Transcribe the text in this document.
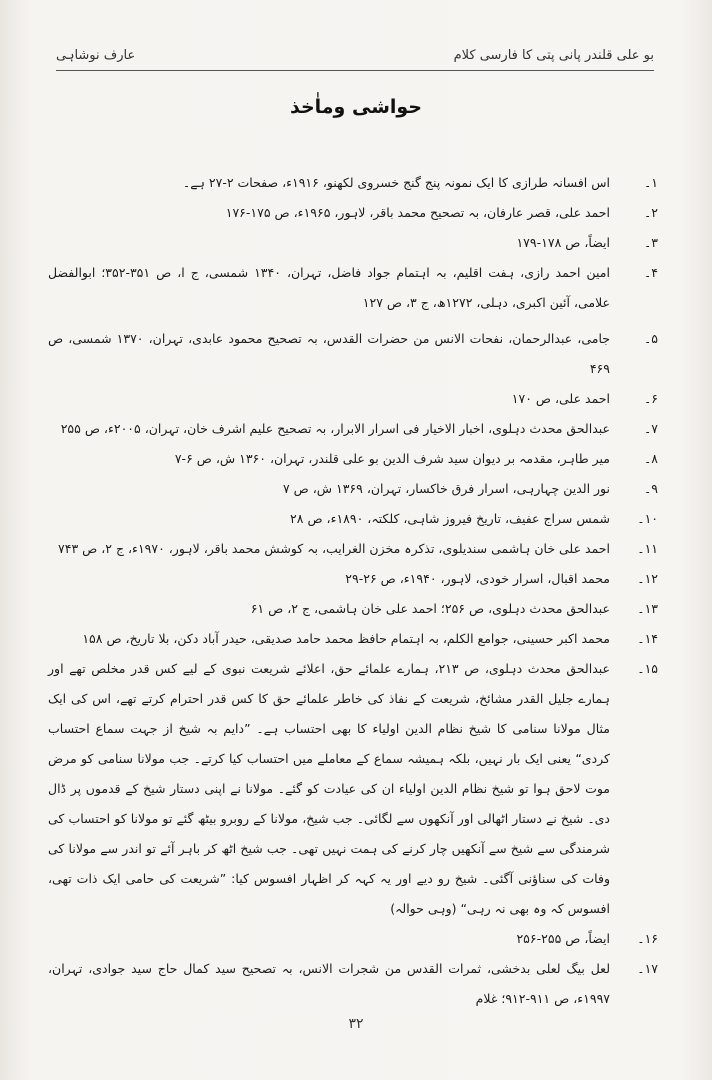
بو علی قلندر پانی پتی کا فارسی کلام
عارف نوشاہی
حواشی وماٰخذ
۱۔
اس افسانہ طرازی کا ایک نمونہ پنج گنج خسروی لکھنو، ۱۹۱۶ء، صفحات ۲-۲۷ ہے۔
۲۔
احمد علی، قصر عارفان، بہ تصحیح محمد باقر، لاہور، ۱۹۶۵ء، ص ۱۷۵-۱۷۶
۳۔
ایضاً، ص ۱۷۸-۱۷۹
۴۔
امین احمد رازی، ہفت اقلیم، بہ اہتمام جواد فاضل، تہران، ۱۳۴۰ شمسی، ج ا، ص ۳۵۱-۳۵۲؛ ابوالفضل علامی، آئین اکبری، دہلی، ۱۲۷۲ھ، ج ۳، ص ۱۲۷
۵۔
جامی، عبدالرحمان، نفحات الانس من حضرات القدس، بہ تصحیح محمود عابدی، تہران، ۱۳۷۰ شمسی، ص ۴۶۹
۶۔
احمد علی، ص ۱۷۰
۷۔
عبدالحق محدث دہلوی، اخبار الاخیار فی اسرار الابرار، بہ تصحیح علیم اشرف خان، تہران، ۲۰۰۵ء، ص ۲۵۵
۸۔
میر طاہر، مقدمہ بر دیوان سید شرف الدین بو علی قلندر، تہران، ۱۳۶۰ ش، ص ۶-۷
۹۔
نور الدین چہارہی، اسرار فرق خاکسار، تہران، ۱۳۶۹ ش، ص ۷
۱۰۔
شمس سراج عفیف، تاریخ فیروز شاہی، کلکتہ، ۱۸۹۰ء، ص ۲۸
۱۱۔
احمد علی خان ہاشمی سندیلوی، تذکرہ مخزن الغرایب، بہ کوشش محمد باقر، لاہور، ۱۹۷۰ء، ج ۲، ص ۷۴۳
۱۲۔
محمد اقبال، اسرار خودی، لاہور، ۱۹۴۰ء، ص ۲۶-۲۹
۱۳۔
عبدالحق محدث دہلوی، ص ۲۵۶؛ احمد علی خان ہاشمی، ج ۲، ص ۶۱
۱۴۔
محمد اکبر حسینی، جوامع الکلم، بہ اہتمام حافظ محمد حامد صدیقی، حیدر آباد دکن، بلا تاریخ، ص ۱۵۸
۱۵۔
عبدالحق محدث دہلوی، ص ۲۱۳، ہمارے علمائے حق، اعلائے شریعت نبوی کے لیے کس قدر مخلص تھے اور ہمارے جلیل القدر مشائخ، شریعت کے نفاذ کی خاطر علمائے حق کا کس قدر احترام کرتے تھے، اس کی ایک مثال مولانا سنامی کا شیخ نظام الدین اولیاء کا بھی احتساب ہے۔ ”دایم بہ شیخ از جہت سماع احتساب کردی“ یعنی ایک بار نہیں، بلکہ ہمیشہ سماع کے معاملے میں احتساب کیا کرتے۔ جب مولانا سنامی کو مرض موت لاحق ہوا تو شیخ نظام الدین اولیاء ان کی عیادت کو گئے۔ مولانا نے اپنی دستار شیخ کے قدموں پر ڈال دی۔ شیخ نے دستار اٹھالی اور آنکھوں سے لگائی۔ جب شیخ، مولانا کے روبرو بیٹھ گئے تو مولانا کو احتساب کی شرمندگی سے شیخ سے آنکھیں چار کرنے کی ہمت نہیں تھی۔ جب شیخ اٹھ کر باہر آئے تو اندر سے مولانا کی وفات کی سناؤنی آگئی۔ شیخ رو دیے اور یہ کہہ کر اظہار افسوس کیا: ”شریعت کی حامی ایک ذات تھی، افسوس کہ وہ بھی نہ رہی“ (وہی حوالہ)
۱۶۔
ایضاً، ص ۲۵۵-۲۵۶
۱۷۔
لعل بیگ لعلی بدخشی، ثمرات القدس من شجرات الانس، بہ تصحیح سید کمال حاج سید جوادی، تہران، ۱۹۹۷ء، ص ۹۱۱-۹۱۲؛ غلام
۳۲
